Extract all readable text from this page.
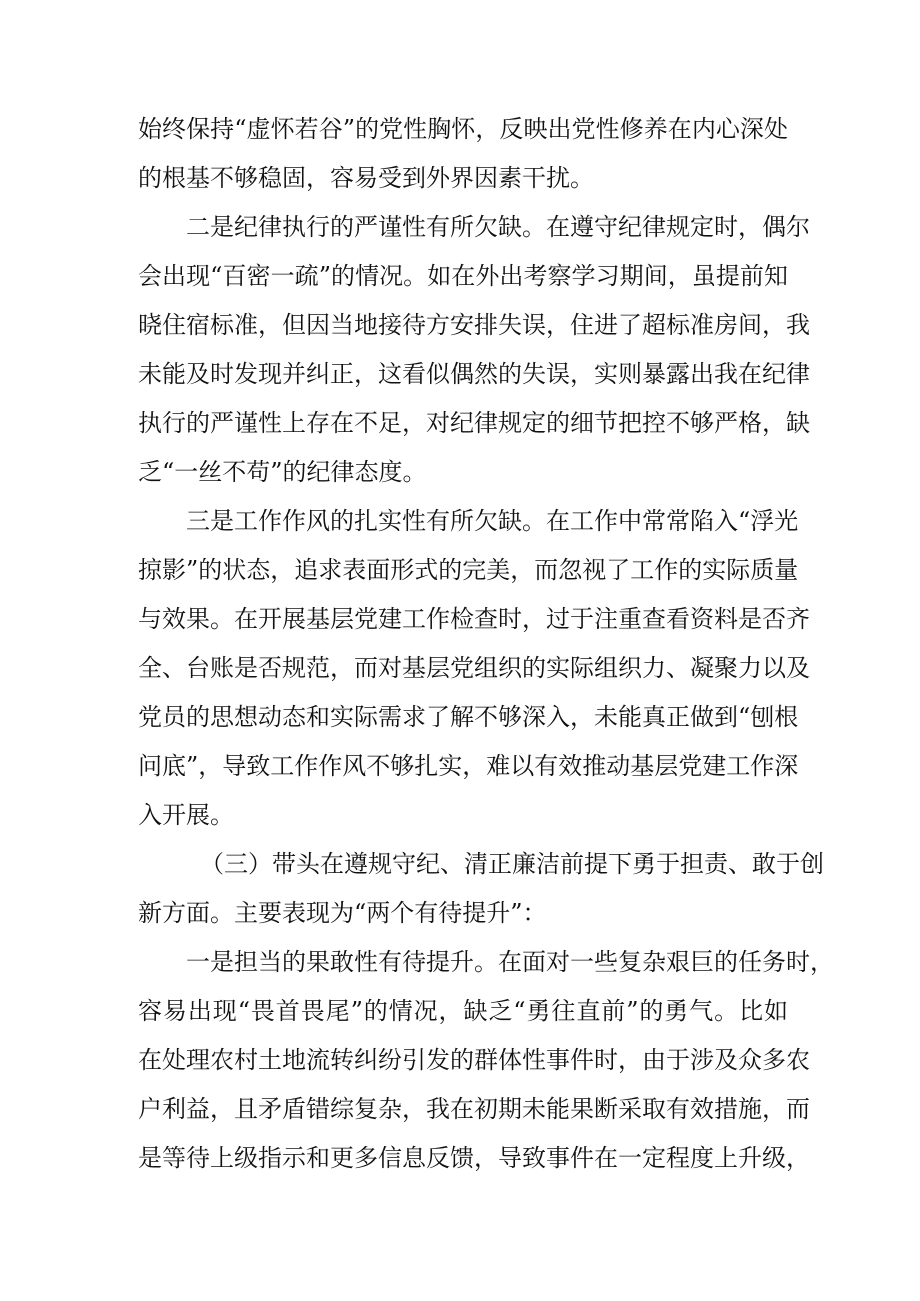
始终保持“虚怀若谷”的党性胸怀，反映出党性修养在内心深处
的根基不够稳固，容易受到外界因素干扰。
二是纪律执行的严谨性有所欠缺。在遵守纪律规定时，偶尔
会出现“百密一疏”的情况。如在外出考察学习期间，虽提前知
晓住宿标准，但因当地接待方安排失误，住进了超标准房间，我
未能及时发现并纠正，这看似偶然的失误，实则暴露出我在纪律
执行的严谨性上存在不足，对纪律规定的细节把控不够严格，缺
乏“一丝不苟”的纪律态度。
三是工作作风的扎实性有所欠缺。在工作中常常陷入“浮光
掠影”的状态，追求表面形式的完美，而忽视了工作的实际质量
与效果。在开展基层党建工作检查时，过于注重查看资料是否齐
全、台账是否规范，而对基层党组织的实际组织力、凝聚力以及
党员的思想动态和实际需求了解不够深入，未能真正做到“刨根
问底”，导致工作作风不够扎实，难以有效推动基层党建工作深
入开展。
（三）带头在遵规守纪、清正廉洁前提下勇于担责、敢于创
新方面。主要表现为“两个有待提升”：
一是担当的果敢性有待提升。在面对一些复杂艰巨的任务时，
容易出现“畏首畏尾”的情况，缺乏“勇往直前”的勇气。比如
在处理农村土地流转纠纷引发的群体性事件时，由于涉及众多农
户利益，且矛盾错综复杂，我在初期未能果断采取有效措施，而
是等待上级指示和更多信息反馈，导致事件在一定程度上升级，
